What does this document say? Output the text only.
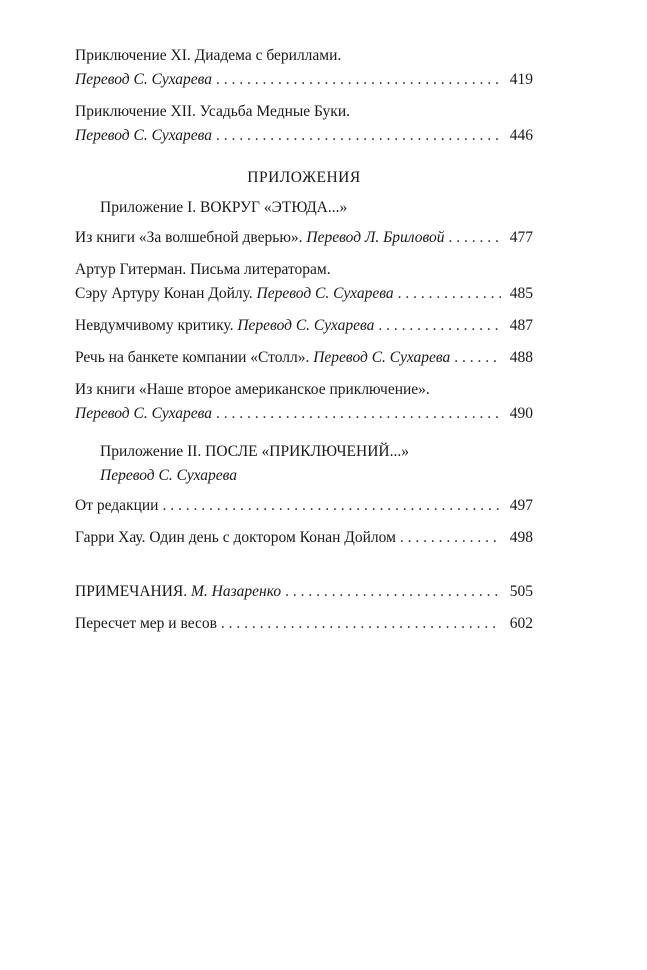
Приключение XI. Диадема с бериллами.
Перевод С. Сухарева . . .	419
Приключение XII. Усадьба Медные Буки.
Перевод С. Сухарева . . .	446
ПРИЛОЖЕНИЯ
Приложение I. ВОКРУГ «ЭТЮДА...»
Из книги «За волшебной дверью». Перевод Л. Бриловой . . .	477
Артур Гитерман. Письма литераторам.
Сэру Артуру Конан Дойлу. Перевод С. Сухарева . . .	485
Невдумчивому критику. Перевод С. Сухарева . . .	487
Речь на банкете компании «Столл». Перевод С. Сухарева . . .	488
Из книги «Наше второе американское приключение».
Перевод С. Сухарева . . .	490
Приложение II. ПОСЛЕ «ПРИКЛЮЧЕНИЙ...»
Перевод С. Сухарева
От редакции . . .	497
Гарри Хау. Один день с доктором Конан Дойлом . . .	498
ПРИМЕЧАНИЯ. М. Назаренко . . .	505
Пересчет мер и весов . . .	602
